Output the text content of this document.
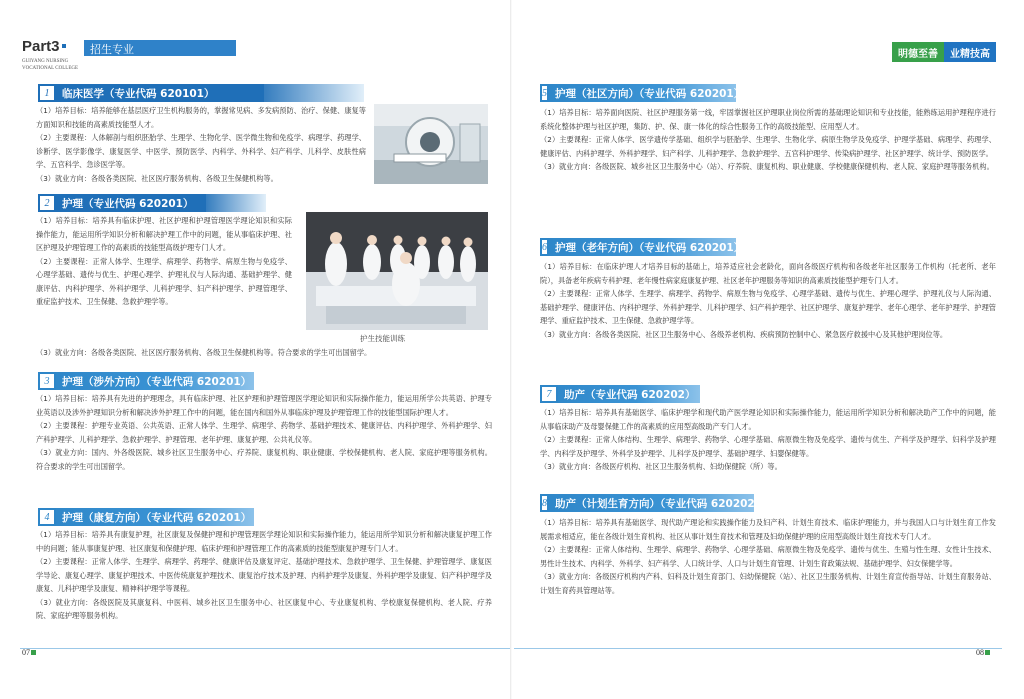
Part3	招生专业
GUIYANG NURSING
VOCATIONAL COLLEGE
1	临床医学（专业代码 620101）

（1）培养目标：培养能够在基层医疗卫生机构服务的，掌握常见病、多发病预防、治疗、保健、康复等方面知识和技能的高素质技能型人才。

（2）主要课程：人体解剖与组织胚胎学、生理学、生物化学、医学微生物和免疫学、病理学、药理学、诊断学、医学影像学、康复医学、中医学、预防医学、内科学、外科学、妇产科学、儿科学、皮肤性病学、五官科学、急诊医学等。

（3）就业方向：各级各类医院、社区医疗服务机构、各级卫生保健机构等。

2	护理（专业代码 620201）

（1）培养目标：培养具有临床护理、社区护理和护理管理医学理论知识和实际操作能力，能运用所学知识分析和解决护理工作中的问题，能从事临床护理、社区护理及护理管理工作的高素质的技能型高级护理专门人才。

（2）主要课程：正常人体学、生理学、病理学、药物学、病原生物与免疫学、心理学基础、遗传与优生、护理心理学、护理礼仪与人际沟通、基础护理学、健康评估、内科护理学、外科护理学、儿科护理学、妇产科护理学、护理管理学、重症监护技术、卫生保健、急救护理学等。

（3）就业方向：各级各类医院、社区医疗服务机构、各级卫生保健机构等。符合要求的学生可出国留学。

护生技能训练
3	护理（涉外方向）（专业代码 620201）

（1）培养目标：培养具有先进的护理理念，具有临床护理、社区护理和护理管理医学理论知识和实际操作能力，能运用所学公共英语、护理专业英语以及涉外护理知识分析和解决涉外护理工作中的问题，能在国内和国外从事临床护理及护理管理工作的技能型国际护理人才。

（2）主要课程：护理专业英语、公共英语、正常人体学、生理学、病理学、药物学、基础护理技术、健康评估、内科护理学、外科护理学、妇产科护理学、儿科护理学、急救护理学、护理管理、老年护理、康复护理、公共礼仪等。

（3）就业方向：国内、外各级医院、城乡社区卫生服务中心、疗养院、康复机构、职业健康、学校保健机构、老人院、家庭护理等服务机构。符合要求的学生可出国留学。

4	护理（康复方向）（专业代码 620201）

（1）培养目标：培养具有康复护理，社区康复及保健护理和护理管理医学理论知识和实际操作能力，能运用所学知识分析和解决康复护理工作中的问题；能从事康复护理、社区康复和保健护理、临床护理和护理管理工作的高素质的技能型康复护理专门人才。

（2）主要课程：正常人体学、生理学、病理学、药理学、健康评估及康复评定、基础护理技术、急救护理学、卫生保健、护理管理学、康复医学导论、康复心理学、康复护理技术、中医传统康复护理技术、康复治疗技术及护理、内科护理学及康复、外科护理学及康复、妇产科护理学及康复、儿科护理学及康复、精神科护理学等课程。

（3）就业方向：各级医院及其康复科、中医科、城乡社区卫生服务中心、社区康复中心、专业康复机构、学校康复保健机构、老人院、疗养院、家庭护理等服务机构。

07
明德至善	业精技高
5 护理（社区方向）（专业代码 620201）

（1）培养目标：培养面向医院、社区护理服务第一线，牢固掌握社区护理职业岗位所需的基础理论知识和专业技能，能熟练运用护理程序进行系统化整体护理与社区护理，集防、护、保、康一体化的综合性服务工作的高级技能型、应用型人才。

（2）主要课程：正常人体学、医学遗传学基础、组织学与胚胎学、生理学、生物化学、病原生物学及免疫学、护理学基础、病理学、药理学、健康评估、内科护理学、外科护理学、妇产科学、儿科护理学、急救护理学、五官科护理学、传染病护理学、社区护理学、统计学、预防医学。

（3）就业方向：各级医院、城乡社区卫生服务中心（站）、疗养院、康复机构、职业健康、学校健康保健机构、老人院、家庭护理等服务机构。

6 护理（老年方向）（专业代码 620201）

（1）培养目标：在临床护理人才培养目标的基础上，培养适应社会老龄化，面向各级医疗机构和各级老年社区服务工作机构（托老所、老年院），具备老年疾病专科护理、老年慢性病家庭康复护理、社区老年护理服务等知识的高素质技能型护理专门人才。

（2）主要课程：正常人体学、生理学、病理学、药物学、病原生物与免疫学、心理学基础、遗传与优生、护理心理学、护理礼仪与人际沟通、基础护理学、健康评估、内科护理学、外科护理学、儿科护理学、妇产科护理学、社区护理学、康复护理学、老年心理学、老年护理学、护理管理学、重症监护技术、卫生保健、急救护理学等。

（3）就业方向：各级各类医院、社区卫生服务中心、各级养老机构、疾病预防控制中心、紧急医疗救援中心及其他护理岗位等。

7	助产（专业代码 620202）

（1）培养目标：培养具有基础医学、临床护理学和现代助产医学理论知识和实际操作能力，能运用所学知识分析和解决助产工作中的问题，能从事临床助产及母婴保健工作的高素质的应用型高级助产专门人才。

（2）主要课程：正常人体结构、生理学、病理学、药物学、心理学基础、病原微生物及免疫学、遗传与优生、产科学及护理学、妇科学及护理学、内科学及护理学、外科学及护理学、儿科学及护理学、基础护理学、妇婴保健等。

（3）就业方向：各级医疗机构、社区卫生服务机构、妇幼保健院（所）等。

8 助产（计划生育方向）（专业代码 620202）

（1）培养目标：培养具有基础医学、现代助产理论和实践操作能力及妇产科、计划生育技术、临床护理能力，并与我国人口与计划生育工作发展需求相适应，能在各级计划生育机构、社区从事计划生育技术和管理及妇幼保健护理的应用型高级计划生育技术专门人才。

（2）主要课程：正常人体结构、生理学、病理学、药物学、心理学基础、病原微生物及免疫学、遗传与优生、生殖与性生理、女性计生技术、男性计生技术、内科学、外科学、妇产科学、人口统计学、人口与计划生育管理、计划生育政策法规、基础护理学、妇女保健学等。

（3）就业方向：各级医疗机构内产科、妇科及计划生育部门、妇幼保健院（站）、社区卫生服务机构、计划生育宣传指导站、计划生育服务站、计划生育药具管理站等。

08
